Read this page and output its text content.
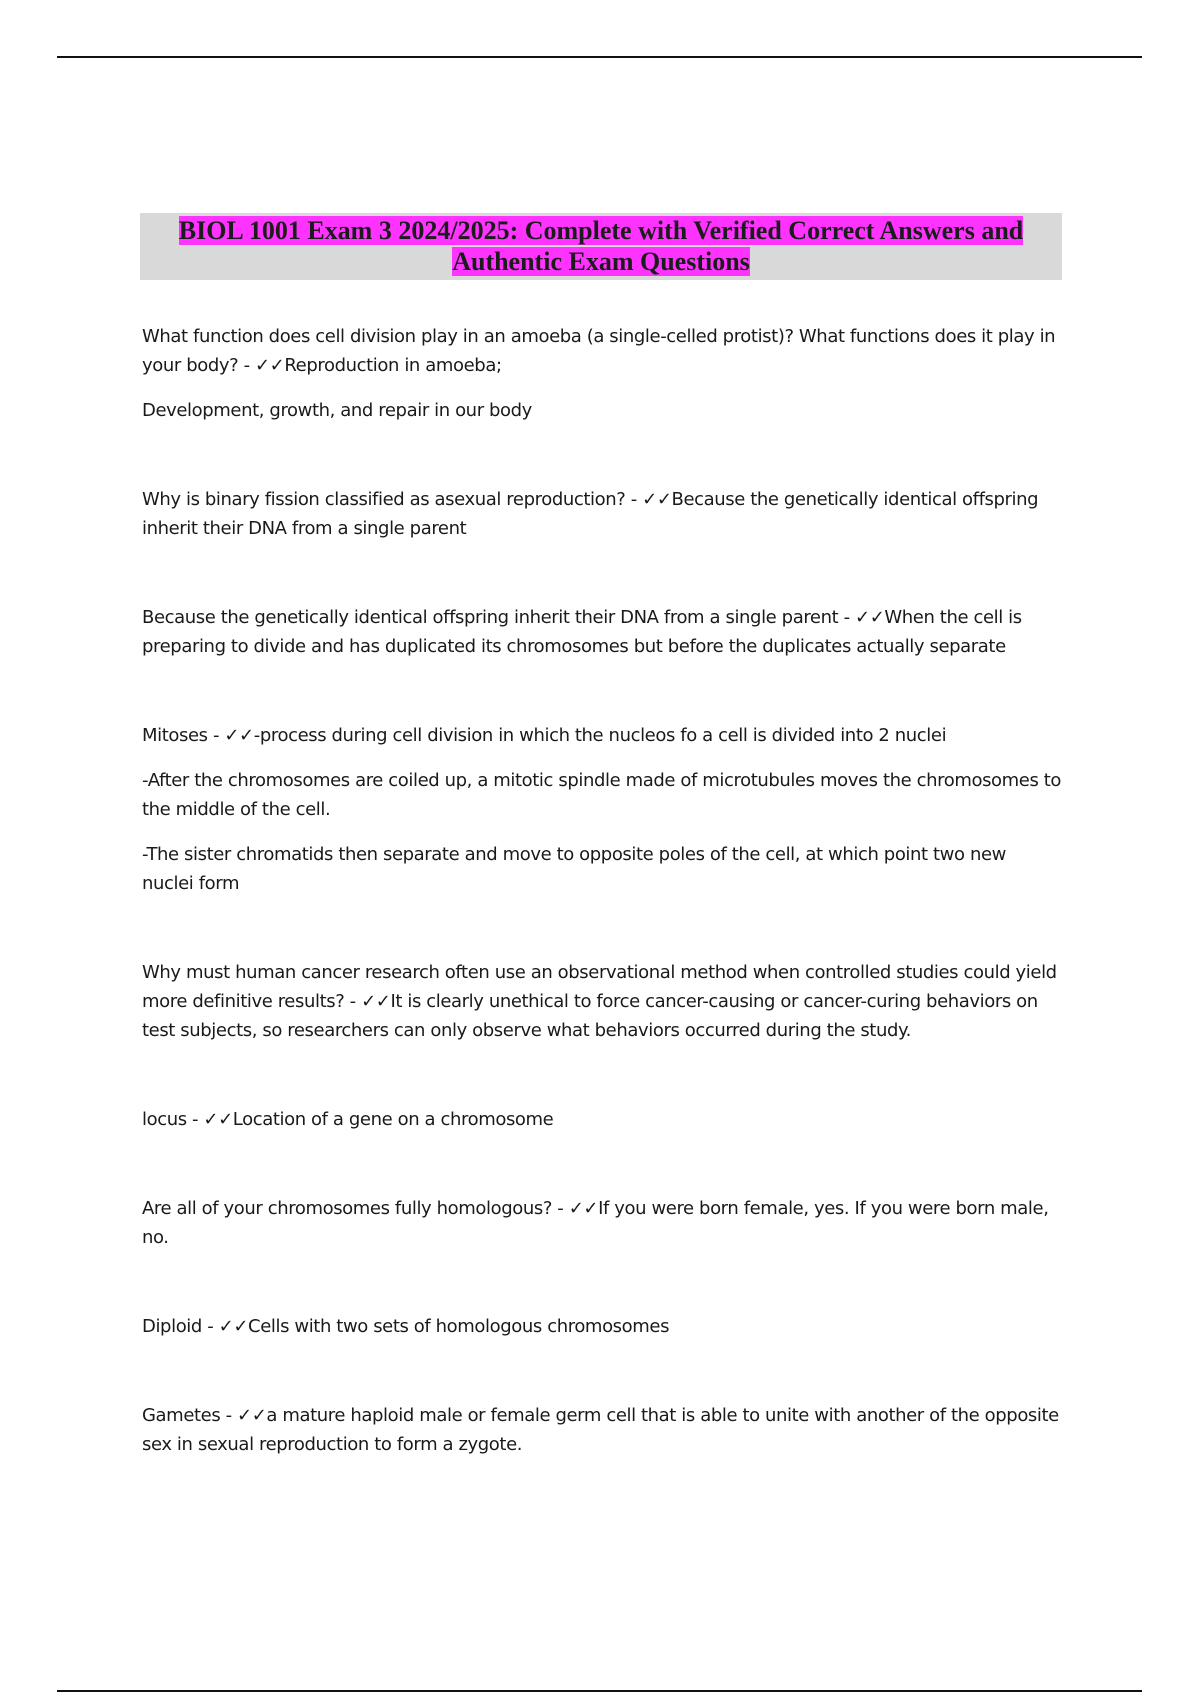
BIOL 1001 Exam 3 2024/2025: Complete with Verified Correct Answers and Authentic Exam Questions

What function does cell division play in an amoeba (a single-celled protist)? What functions does it play in your body? - ✓✓Reproduction in amoeba;

Development, growth, and repair in our body

Why is binary fission classified as asexual reproduction? - ✓✓Because the genetically identical offspring inherit their DNA from a single parent

Because the genetically identical offspring inherit their DNA from a single parent - ✓✓When the cell is preparing to divide and has duplicated its chromosomes but before the duplicates actually separate

Mitoses - ✓✓-process during cell division in which the nucleos fo a cell is divided into 2 nuclei

-After the chromosomes are coiled up, a mitotic spindle made of microtubules moves the chromosomes to the middle of the cell.

-The sister chromatids then separate and move to opposite poles of the cell, at which point two new nuclei form

Why must human cancer research often use an observational method when controlled studies could yield more definitive results? - ✓✓It is clearly unethical to force cancer-causing or cancer-curing behaviors on test subjects, so researchers can only observe what behaviors occurred during the study.

locus - ✓✓Location of a gene on a chromosome

Are all of your chromosomes fully homologous? - ✓✓If you were born female, yes. If you were born male, no.

Diploid - ✓✓Cells with two sets of homologous chromosomes

Gametes - ✓✓a mature haploid male or female germ cell that is able to unite with another of the opposite sex in sexual reproduction to form a zygote.
